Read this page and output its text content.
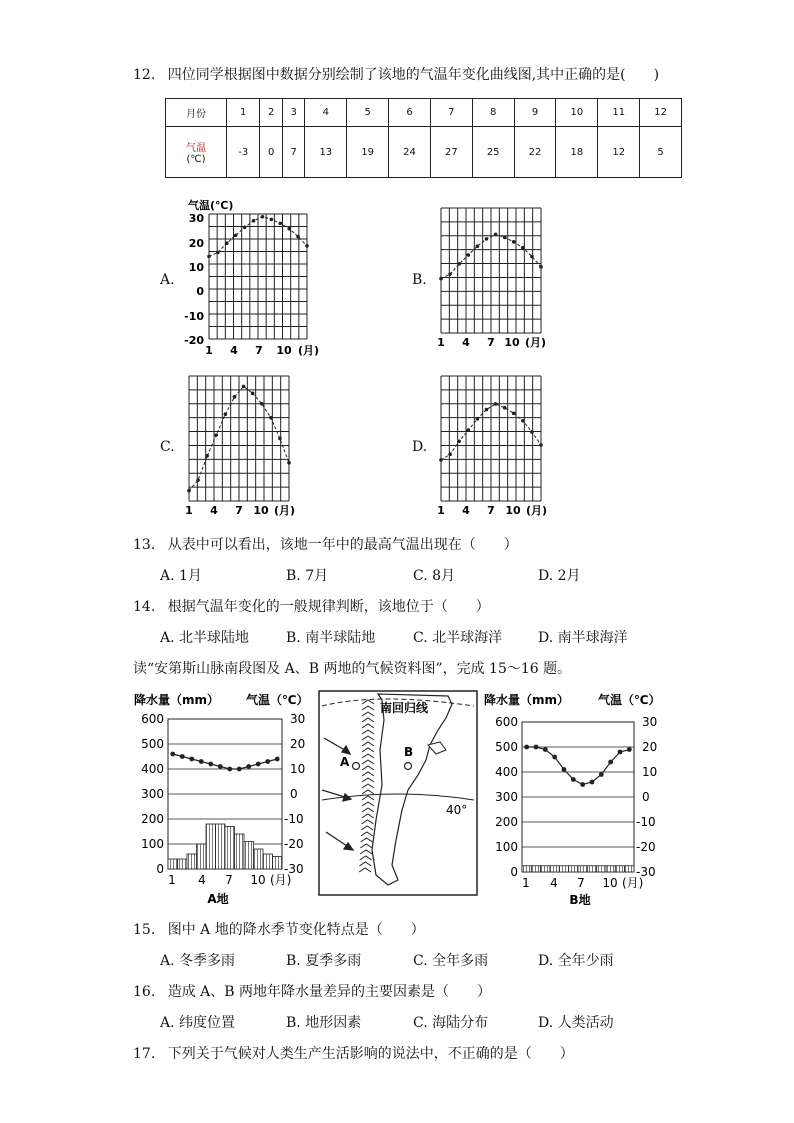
12. 四位同学根据图中数据分别绘制了该地的气温年变化曲线图,其中正确的是(　　)
月份	1	2	3	4	5	6	7	8	9	10	11	12

气温
(℃)	-3	0	7	13	19	24	27	25	22	18	12	5
A.	B.
C.	D.
气温(℃)
30
20
10
0
-10
-20
1 4 7 10 (月)
1 4 7 10 (月)
1 4 7 10 (月)	1 4 7 10 (月)
13. 从表中可以看出，该地一年中的最高气温出现在（　　）
A. 1月	B. 7月	C. 8月	D. 2月
14. 根据气温年变化的一般规律判断，该地位于（　　）
A. 北半球陆地	B. 南半球陆地	C. 北半球海洋	D. 南半球海洋
读“安第斯山脉南段图及 A、B 两地的气候资料图”，完成 15～16 题。
降水量（mm） 气温（℃）
600
500
400
300
200
100
0
30
20
10
0
-10
-20
-30
1 4 7 10 (月)
A地
南回归线
40°
A
B
降水量（mm） 气温（℃）
600
500
400
300
200
100
0
30
20
10
0
-10
-20
-30
1 4 7 10 (月)
B地
15. 图中 A 地的降水季节变化特点是（　　）
A. 冬季多雨	B. 夏季多雨	C. 全年多雨	D. 全年少雨
16. 造成 A、B 两地年降水量差异的主要因素是（　　）
A. 纬度位置	B. 地形因素	C. 海陆分布	D. 人类活动
17. 下列关于气候对人类生产生活影响的说法中，不正确的是（　　）
